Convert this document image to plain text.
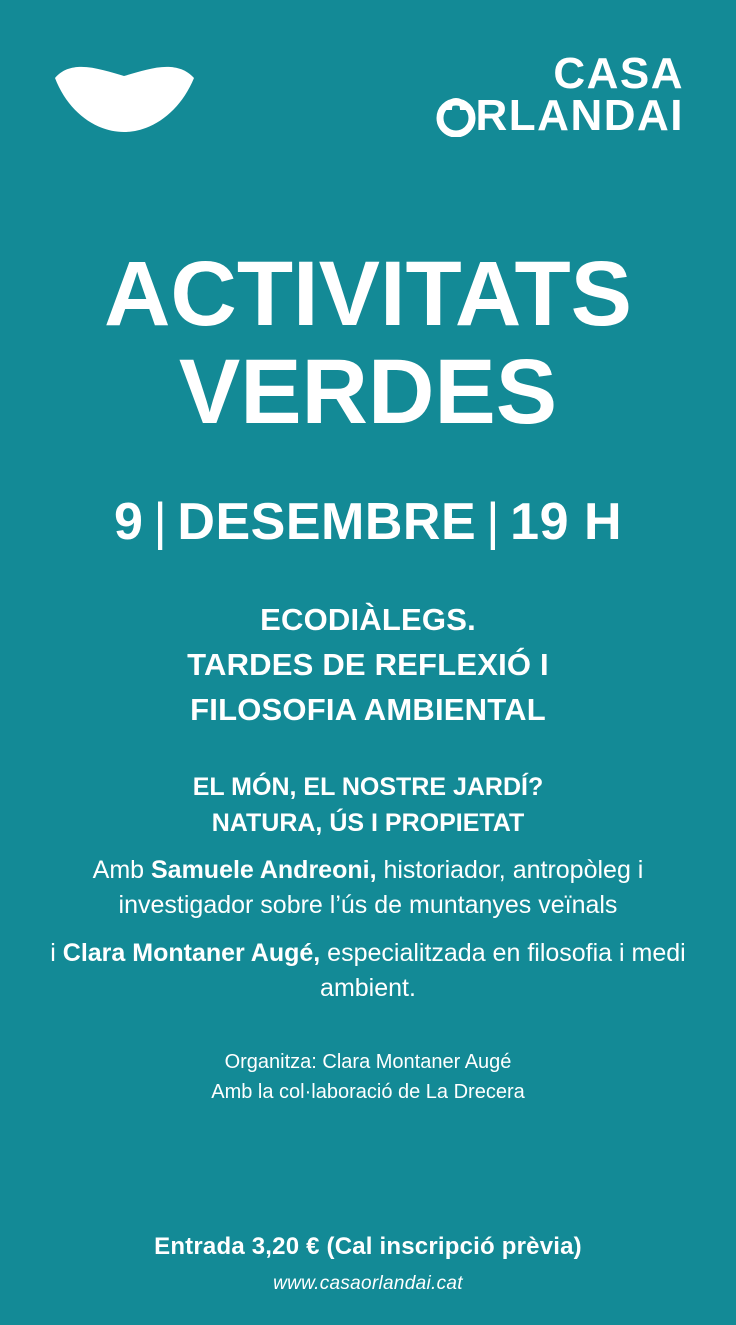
CASA
RLANDAI
ACTIVITATS
VERDES
9 | DESEMBRE | 19 H
ECODIÀLEGS.
TARDES DE REFLEXIÓ I
FILOSOFIA AMBIENTAL
EL MÓN, EL NOSTRE JARDÍ?
NATURA, ÚS I PROPIETAT
Amb Samuele Andreoni, historiador, antropòleg i investigador sobre l’ús de muntanyes veïnals
i Clara Montaner Augé, especialitzada en filosofia i medi ambient.
Organitza: Clara Montaner Augé
Amb la col·laboració de La Drecera
Entrada 3,20 € (Cal inscripció prèvia)
www.casaorlandai.cat
